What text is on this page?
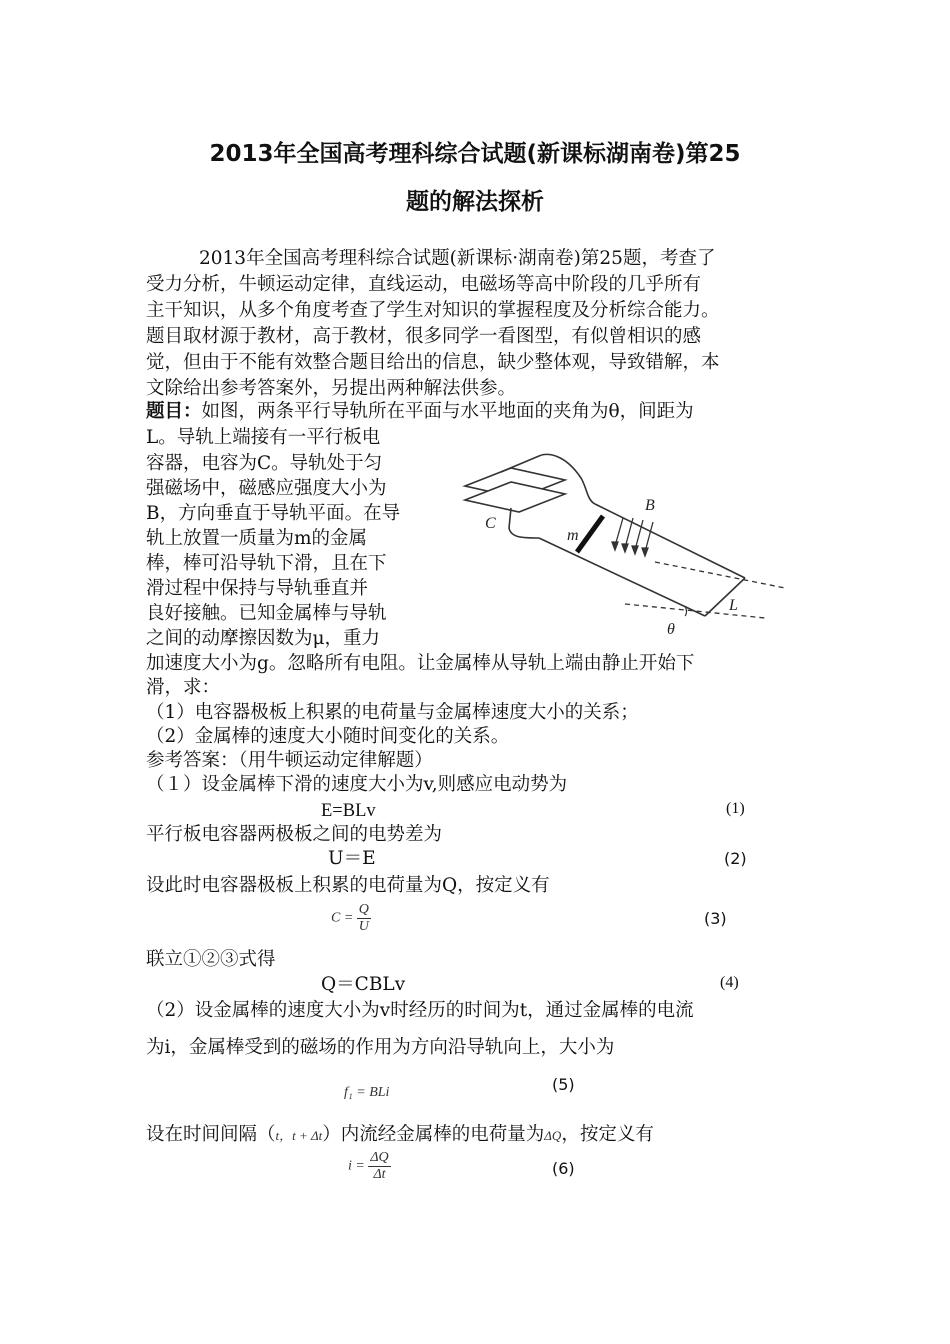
2013年全国高考理科综合试题(新课标湖南卷)第25
题的解法探析
2013年全国高考理科综合试题(新课标·湖南卷)第25题，考查了
受力分析，牛顿运动定律，直线运动，电磁场等高中阶段的几乎所有
主干知识，从多个角度考查了学生对知识的掌握程度及分析综合能力。
题目取材源于教材，高于教材，很多同学一看图型，有似曾相识的感
觉，但由于不能有效整合题目给出的信息，缺少整体观，导致错解，本
文除给出参考答案外，另提出两种解法供参。
题目：如图，两条平行导轨所在平面与水平地面的夹角为θ，间距为
L。导轨上端接有一平行板电
容器，电容为C。导轨处于匀
强磁场中，磁感应强度大小为
B，方向垂直于导轨平面。在导
轨上放置一质量为m的金属
棒，棒可沿导轨下滑，且在下
滑过程中保持与导轨垂直并
良好接触。已知金属棒与导轨
之间的动摩擦因数为μ，重力
C
m
B
L
θ
加速度大小为g。忽略所有电阻。让金属棒从导轨上端由静止开始下
滑，求：
（1）电容器极板上积累的电荷量与金属棒速度大小的关系；
（2）金属棒的速度大小随时间变化的关系。
参考答案：（用牛顿运动定律解题）
（１）设金属棒下滑的速度大小为v,则感应电动势为
E=BLv	(1)
平行板电容器两极板之间的电势差为
U＝E	(2)
设此时电容器极板上积累的电荷量为Q，按定义有
$C = \frac{Q}{U}$	(3)
联立①②③式得
Q＝CBLv	(4)
（2）设金属棒的速度大小为v时经历的时间为t，通过金属棒的电流
为i，金属棒受到的磁场的作用为方向沿导轨向上，大小为
f₁ = BLi	(5)
设在时间间隔（t，t + Δt）内流经金属棒的电荷量为ΔQ，按定义有
$i = \frac{\Delta Q}{\Delta t}$	(6)
